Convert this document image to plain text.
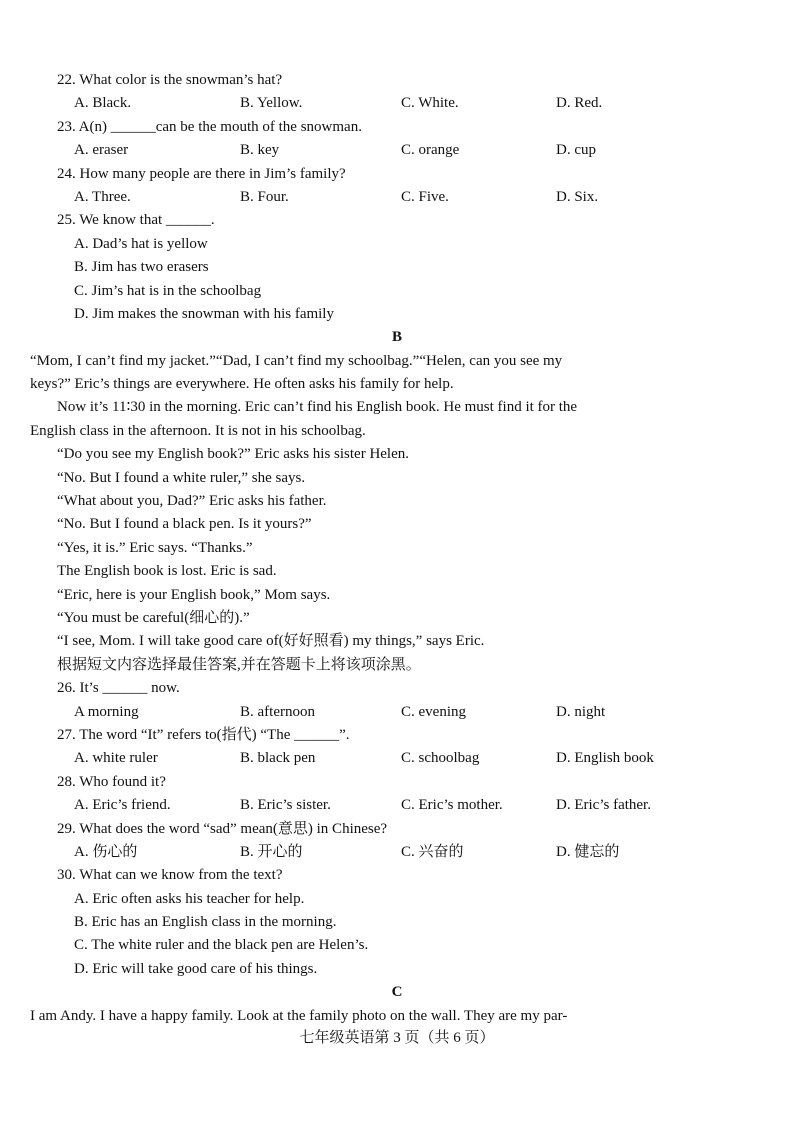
22. What color is the snowman’s hat?
A. Black.	B. Yellow.	C. White.	D. Red.
23. A(n) ______can be the mouth of the snowman.
A. eraser	B. key	C. orange	D. cup
24. How many people are there in Jim’s family?
A. Three.	B. Four.	C. Five.	D. Six.
25. We know that ______.
A. Dad’s hat is yellow
B. Jim has two erasers
C. Jim’s hat is in the schoolbag
D. Jim makes the snowman with his family
B
“Mom, I can’t find my jacket.”“Dad, I can’t find my schoolbag.”“Helen, can you see my
keys?” Eric’s things are everywhere. He often asks his family for help.
Now it’s 11∶30 in the morning. Eric can’t find his English book. He must find it for the
English class in the afternoon. It is not in his schoolbag.
“Do you see my English book?” Eric asks his sister Helen.
“No. But I found a white ruler,” she says.
“What about you, Dad?” Eric asks his father.
“No. But I found a black pen. Is it yours?”
“Yes, it is.” Eric says. “Thanks.”
The English book is lost. Eric is sad.
“Eric, here is your English book,” Mom says.
“You must be careful(细心的).”
“I see, Mom. I will take good care of(好好照看) my things,” says Eric.
根据短文内容选择最佳答案,并在答题卡上将该项涂黑。
26. It’s ______ now.
A morning	B. afternoon	C. evening	D. night
27. The word “It” refers to(指代) “The ______”.
A. white ruler	B. black pen	C. schoolbag	D. English book
28. Who found it?
A. Eric’s friend.	B. Eric’s sister.	C. Eric’s mother.	D. Eric’s father.
29. What does the word “sad” mean(意思) in Chinese?
A. 伤心的	B. 开心的	C. 兴奋的	D. 健忘的
30. What can we know from the text?
A. Eric often asks his teacher for help.
B. Eric has an English class in the morning.
C. The white ruler and the black pen are Helen’s.
D. Eric will take good care of his things.
C
I am Andy. I have a happy family. Look at the family photo on the wall. They are my par-
七年级英语第 3 页（共 6 页）
